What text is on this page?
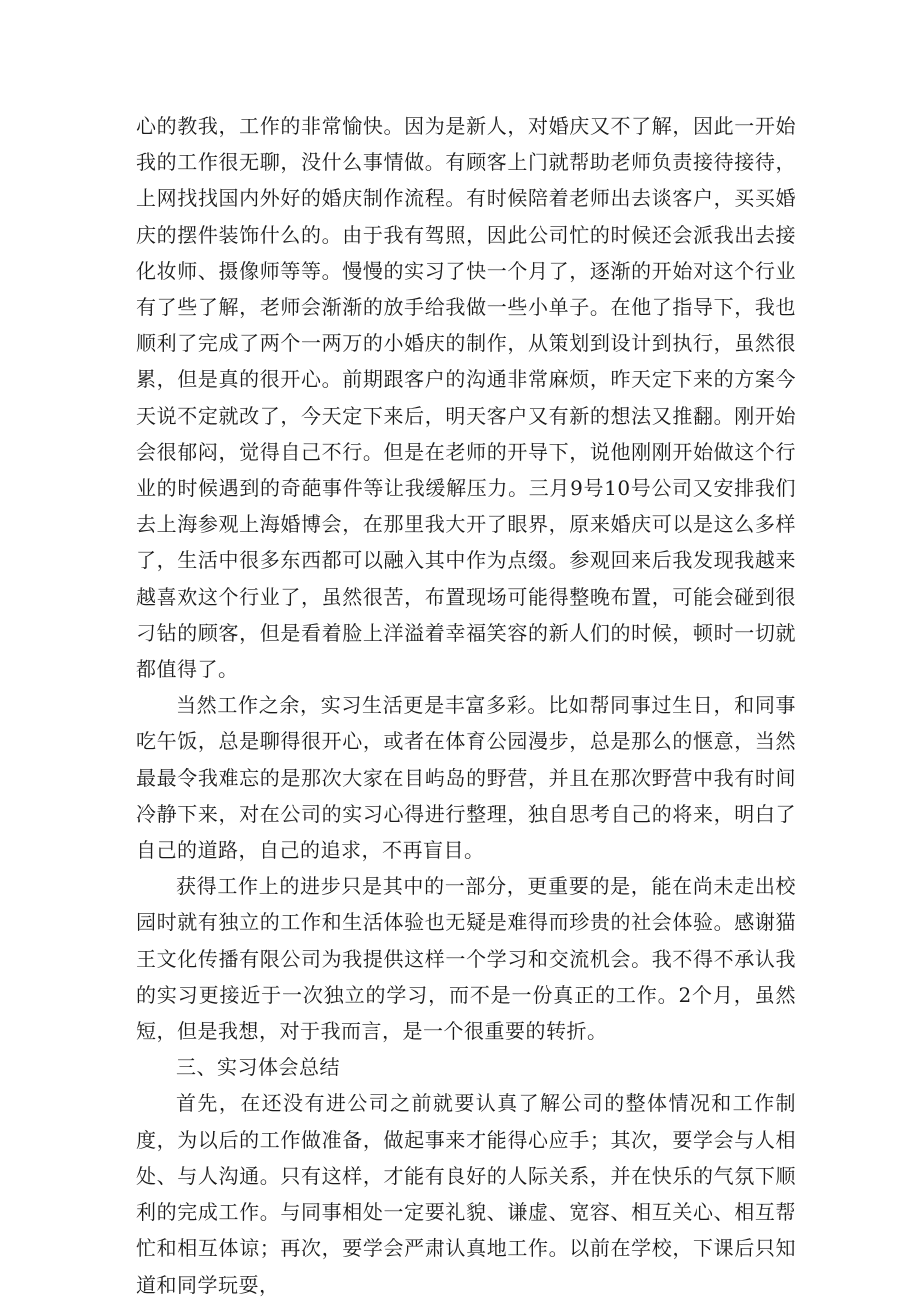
心的教我，工作的非常愉快。因为是新人，对婚庆又不了解，因此一开始我的工作很无聊，没什么事情做。有顾客上门就帮助老师负责接待接待，上网找找国内外好的婚庆制作流程。有时候陪着老师出去谈客户，买买婚庆的摆件装饰什么的。由于我有驾照，因此公司忙的时候还会派我出去接化妆师、摄像师等等。慢慢的实习了快一个月了，逐渐的开始对这个行业有了些了解，老师会渐渐的放手给我做一些小单子。在他了指导下，我也顺利了完成了两个一两万的小婚庆的制作，从策划到设计到执行，虽然很累，但是真的很开心。前期跟客户的沟通非常麻烦，昨天定下来的方案今天说不定就改了，今天定下来后，明天客户又有新的想法又推翻。刚开始会很郁闷，觉得自己不行。但是在老师的开导下，说他刚刚开始做这个行业的时候遇到的奇葩事件等让我缓解压力。三月9号10号公司又安排我们去上海参观上海婚博会，在那里我大开了眼界，原来婚庆可以是这么多样了，生活中很多东西都可以融入其中作为点缀。参观回来后我发现我越来越喜欢这个行业了，虽然很苦，布置现场可能得整晚布置，可能会碰到很刁钻的顾客，但是看着脸上洋溢着幸福笑容的新人们的时候，顿时一切就都值得了。

当然工作之余，实习生活更是丰富多彩。比如帮同事过生日，和同事吃午饭，总是聊得很开心，或者在体育公园漫步，总是那么的惬意，当然最最令我难忘的是那次大家在目屿岛的野营，并且在那次野营中我有时间冷静下来，对在公司的实习心得进行整理，独自思考自己的将来，明白了自己的道路，自己的追求，不再盲目。

获得工作上的进步只是其中的一部分，更重要的是，能在尚未走出校园时就有独立的工作和生活体验也无疑是难得而珍贵的社会体验。感谢猫王文化传播有限公司为我提供这样一个学习和交流机会。我不得不承认我的实习更接近于一次独立的学习，而不是一份真正的工作。2个月，虽然短，但是我想，对于我而言，是一个很重要的转折。

三、实习体会总结

首先，在还没有进公司之前就要认真了解公司的整体情况和工作制度，为以后的工作做准备，做起事来才能得心应手；其次，要学会与人相处、与人沟通。只有这样，才能有良好的人际关系，并在快乐的气氛下顺利的完成工作。与同事相处一定要礼貌、谦虚、宽容、相互关心、相互帮忙和相互体谅；再次，要学会严肃认真地工作。以前在学校，下课后只知道和同学玩耍，
